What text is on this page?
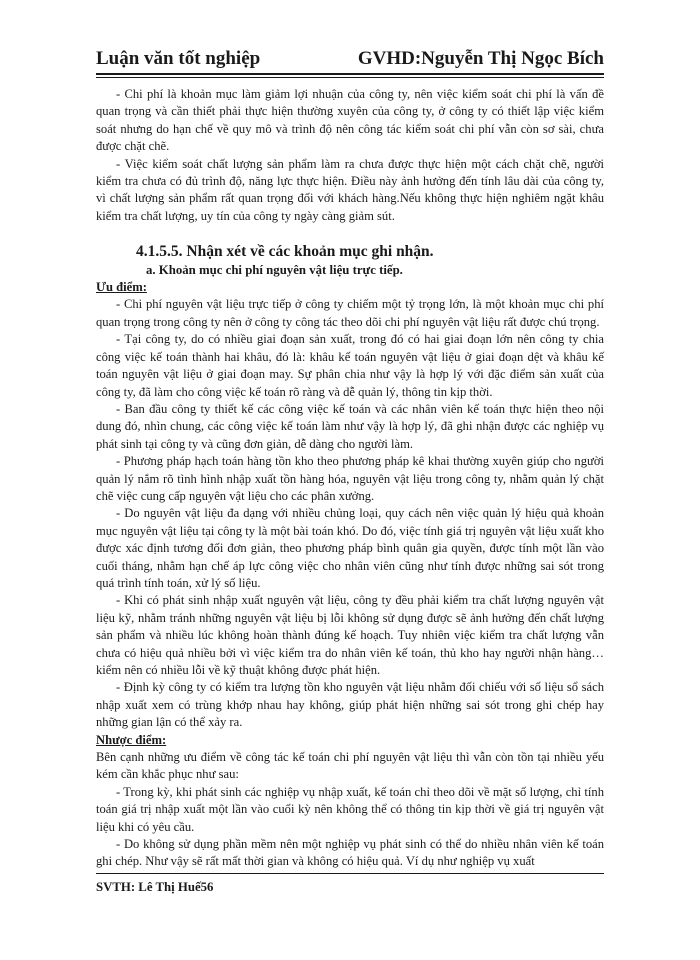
Luận văn tốt nghiệp	GVHD:Nguyễn Thị Ngọc Bích

- Chi phí là khoản mục làm giảm lợi nhuận của công ty, nên việc kiểm soát chi phí là vấn đề quan trọng và cần thiết phải thực hiện thường xuyên của công ty, ở công ty có thiết lập việc kiểm soát nhưng do hạn chế về quy mô và trình độ nên công tác kiểm soát chi phí vẫn còn sơ sài, chưa được chặt chẽ.

- Việc kiểm soát chất lượng sản phẩm làm ra chưa được thực hiện một cách chặt chẽ, người kiểm tra chưa có đủ trình độ, năng lực thực hiện. Điều này ảnh hưởng đến tính lâu dài của công ty, vì chất lượng sản phẩm rất quan trọng đối với khách hàng.Nếu không thực hiện nghiêm ngặt khâu kiểm tra chất lượng, uy tín của công ty ngày càng giảm sút.

4.1.5.5. Nhận xét về các khoản mục ghi nhận.
a. Khoản mục chi phí nguyên vật liệu trực tiếp.
Ưu điểm:

- Chi phí nguyên vật liệu trực tiếp ở công ty chiếm một tỷ trọng lớn, là một khoản mục chi phí quan trọng trong công ty nên ở công ty công tác theo dõi chi phí nguyên vật liệu rất được chú trọng.

- Tại công ty, do có nhiều giai đoạn sản xuất, trong đó có hai giai đoạn lớn nên công ty chia công việc kế toán thành hai khâu, đó là: khâu kế toán nguyên vật liệu ở giai đoạn dệt và khâu kế toán nguyên vật liệu ở giai đoạn may. Sự phân chia như vậy là hợp lý với đặc điểm sản xuất của công ty, đã làm cho công việc kế toán rõ ràng và dễ quản lý, thông tin kịp thời.

- Ban đầu công ty thiết kế các công việc kế toán và các nhân viên kế toán thực hiện theo nội dung đó, nhìn chung, các công việc kế toán làm như vậy là hợp lý, đã ghi nhận được các nghiệp vụ phát sinh tại công ty và cũng đơn giản, dễ dàng cho người làm.

- Phương pháp hạch toán hàng tồn kho theo phương pháp kê khai thường xuyên giúp cho người quản lý nắm rõ tình hình nhập xuất tồn hàng hóa, nguyên vật liệu trong công ty, nhằm quản lý chặt chẽ việc cung cấp nguyên vật liệu cho các phân xưởng.

- Do nguyên vật liệu đa dạng với nhiều chủng loại, quy cách nên việc quản lý hiệu quả khoản mục nguyên vật liệu tại công ty là một bài toán khó. Do đó, việc tính giá trị nguyên vật liệu xuất kho được xác định tương đối đơn giản, theo phương pháp bình quân gia quyền, được tính một lần vào cuối tháng, nhằm hạn chế áp lực công việc cho nhân viên cũng như tính được những sai sót trong quá trình tính toán, xử lý số liệu.

- Khi có phát sinh nhập xuất nguyên vật liệu, công ty đều phải kiểm tra chất lượng nguyên vật liệu kỹ, nhằm tránh những nguyên vật liệu bị lỗi không sử dụng được sẽ ảnh hưởng đến chất lượng sản phẩm và nhiều lúc không hoàn thành đúng kế hoạch. Tuy nhiên việc kiểm tra chất lượng vẫn chưa có hiệu quả nhiều bởi vì việc kiểm tra do nhân viên kế toán, thủ kho hay người nhận hàng… kiểm nên có nhiều lỗi về kỹ thuật không được phát hiện.

- Định kỳ công ty có kiểm tra lượng tồn kho nguyên vật liệu nhằm đối chiếu với số liệu sổ sách nhập xuất xem có trùng khớp nhau hay không, giúp phát hiện những sai sót trong ghi chép hay những gian lận có thể xảy ra.

Nhược điểm:

Bên cạnh những ưu điểm về công tác kế toán chi phí nguyên vật liệu thì vẫn còn tồn tại nhiều yếu kém cần khắc phục như sau:

- Trong kỳ, khi phát sinh các nghiệp vụ nhập xuất, kế toán chỉ theo dõi về mặt số lượng, chỉ tính toán giá trị nhập xuất một lần vào cuối kỳ nên không thể có thông tin kịp thời về giá trị nguyên vật liệu khi có yêu cầu.

- Do không sử dụng phần mềm nên một nghiệp vụ phát sinh có thể do nhiều nhân viên kế toán ghi chép. Như vậy sẽ rất mất thời gian và không có hiệu quả. Ví dụ như nghiệp vụ xuất

SVTH: Lê Thị Huế56
